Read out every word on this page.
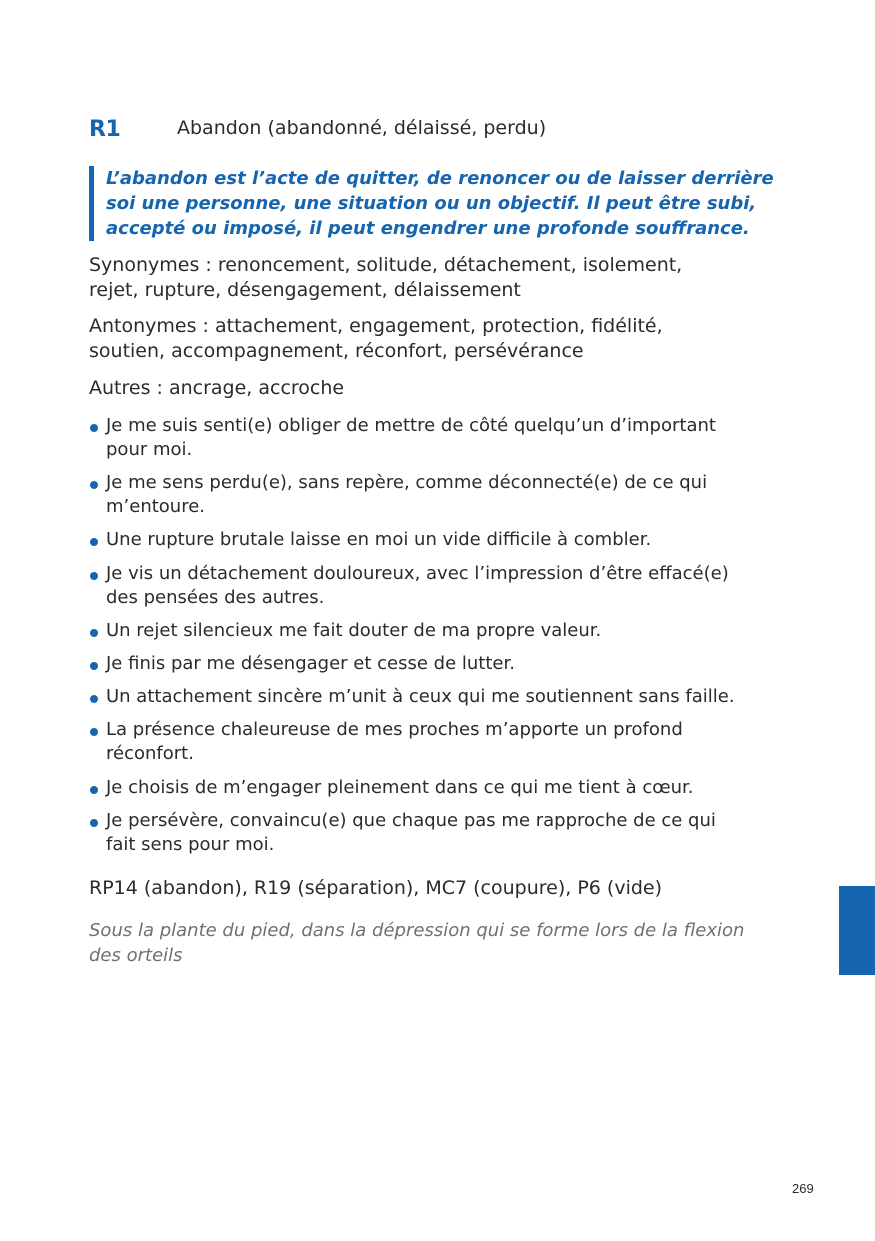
R1	Abandon (abandonné, délaissé, perdu)
L’abandon est l’acte de quitter, de renoncer ou de laisser derrière
soi une personne, une situation ou un objectif. Il peut être subi,
accepté ou imposé, il peut engendrer une profonde souffrance.
Synonymes : renoncement, solitude, détachement, isolement,
rejet, rupture, désengagement, délaissement
Antonymes : attachement, engagement, protection, fidélité,
soutien, accompagnement, réconfort, persévérance
Autres : ancrage, accroche
Je me suis senti(e) obliger de mettre de côté quelqu’un d’important
pour moi.
Je me sens perdu(e), sans repère, comme déconnecté(e) de ce qui
m’entoure.
Une rupture brutale laisse en moi un vide difficile à combler.
Je vis un détachement douloureux, avec l’impression d’être effacé(e)
des pensées des autres.
Un rejet silencieux me fait douter de ma propre valeur.
Je finis par me désengager et cesse de lutter.
Un attachement sincère m’unit à ceux qui me soutiennent sans faille.
La présence chaleureuse de mes proches m’apporte un profond
réconfort.
Je choisis de m’engager pleinement dans ce qui me tient à cœur.
Je persévère, convaincu(e) que chaque pas me rapproche de ce qui
fait sens pour moi.
RP14 (abandon), R19 (séparation), MC7 (coupure), P6 (vide)
Sous la plante du pied, dans la dépression qui se forme lors de la flexion
des orteils
269
